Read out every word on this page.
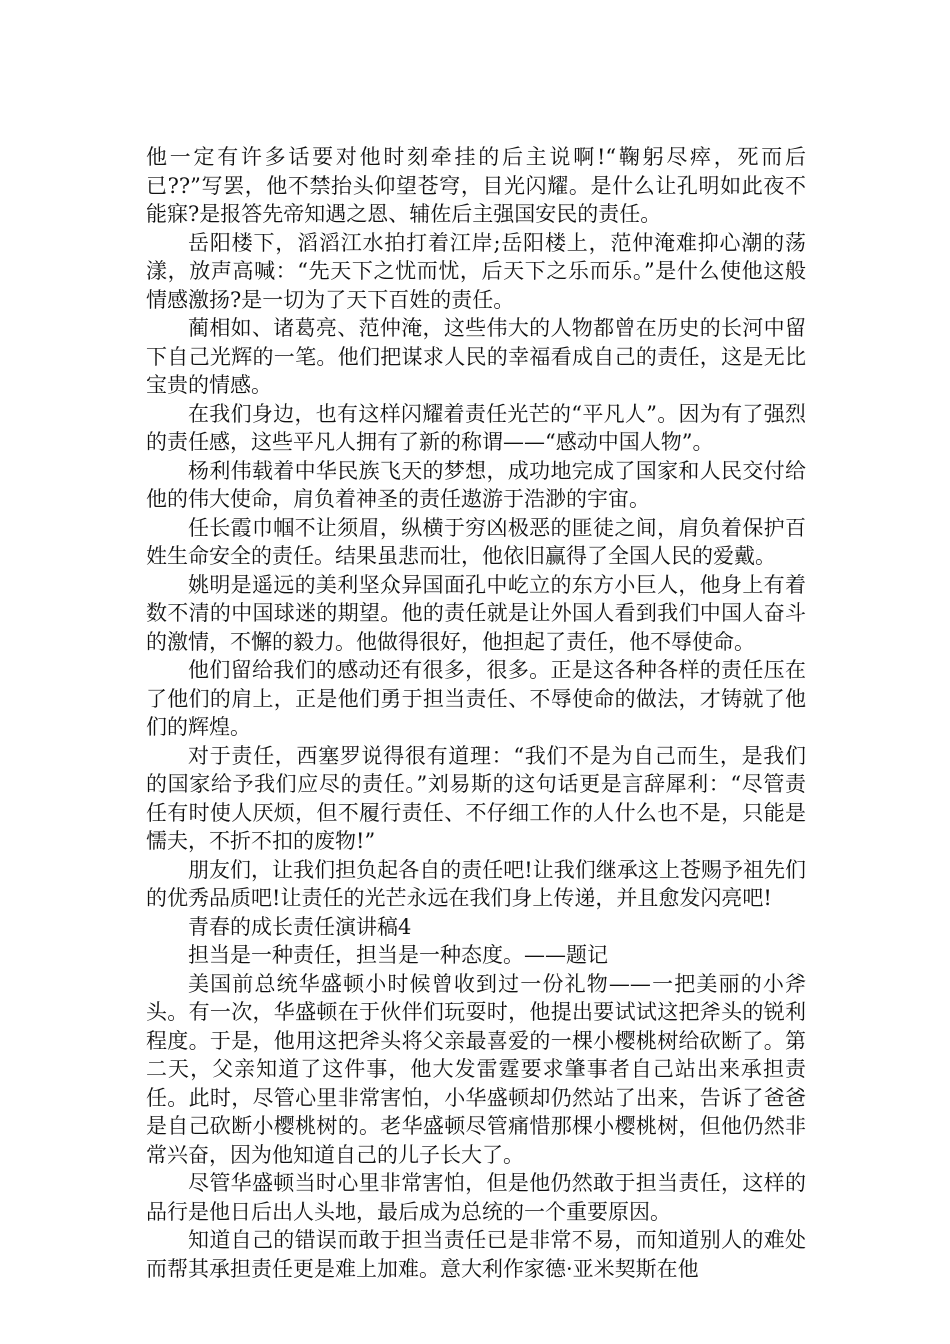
他一定有许多话要对他时刻牵挂的后主说啊!“鞠躬尽瘁，死而后已??”写罢，他不禁抬头仰望苍穹，目光闪耀。是什么让孔明如此夜不能寐?是报答先帝知遇之恩、辅佐后主强国安民的责任。

岳阳楼下，滔滔江水拍打着江岸;岳阳楼上，范仲淹难抑心潮的荡漾，放声高喊：“先天下之忧而忧，后天下之乐而乐。”是什么使他这般情感激扬?是一切为了天下百姓的责任。

蔺相如、诸葛亮、范仲淹，这些伟大的人物都曾在历史的长河中留下自己光辉的一笔。他们把谋求人民的幸福看成自己的责任，这是无比宝贵的情感。

在我们身边，也有这样闪耀着责任光芒的“平凡人”。因为有了强烈的责任感，这些平凡人拥有了新的称谓——“感动中国人物”。

杨利伟载着中华民族飞天的梦想，成功地完成了国家和人民交付给他的伟大使命，肩负着神圣的责任遨游于浩渺的宇宙。

任长霞巾帼不让须眉，纵横于穷凶极恶的匪徒之间，肩负着保护百姓生命安全的责任。结果虽悲而壮，他依旧赢得了全国人民的爱戴。

姚明是遥远的美利坚众异国面孔中屹立的东方小巨人，他身上有着数不清的中国球迷的期望。他的责任就是让外国人看到我们中国人奋斗的激情，不懈的毅力。他做得很好，他担起了责任，他不辱使命。

他们留给我们的感动还有很多，很多。正是这各种各样的责任压在了他们的肩上，正是他们勇于担当责任、不辱使命的做法，才铸就了他们的辉煌。

对于责任，西塞罗说得很有道理：“我们不是为自己而生，是我们的国家给予我们应尽的责任。”刘易斯的这句话更是言辞犀利：“尽管责任有时使人厌烦，但不履行责任、不仔细工作的人什么也不是，只能是懦夫，不折不扣的废物!”

朋友们，让我们担负起各自的责任吧!让我们继承这上苍赐予祖先们的优秀品质吧!让责任的光芒永远在我们身上传递，并且愈发闪亮吧!

青春的成长责任演讲稿4

担当是一种责任，担当是一种态度。——题记

美国前总统华盛顿小时候曾收到过一份礼物——一把美丽的小斧头。有一次，华盛顿在于伙伴们玩耍时，他提出要试试这把斧头的锐利程度。于是，他用这把斧头将父亲最喜爱的一棵小樱桃树给砍断了。第二天，父亲知道了这件事，他大发雷霆要求肇事者自己站出来承担责任。此时，尽管心里非常害怕，小华盛顿却仍然站了出来，告诉了爸爸是自己砍断小樱桃树的。老华盛顿尽管痛惜那棵小樱桃树，但他仍然非常兴奋，因为他知道自己的儿子长大了。

尽管华盛顿当时心里非常害怕，但是他仍然敢于担当责任，这样的品行是他日后出人头地，最后成为总统的一个重要原因。

知道自己的错误而敢于担当责任已是非常不易，而知道别人的难处而帮其承担责任更是难上加难。意大利作家德·亚米契斯在他
